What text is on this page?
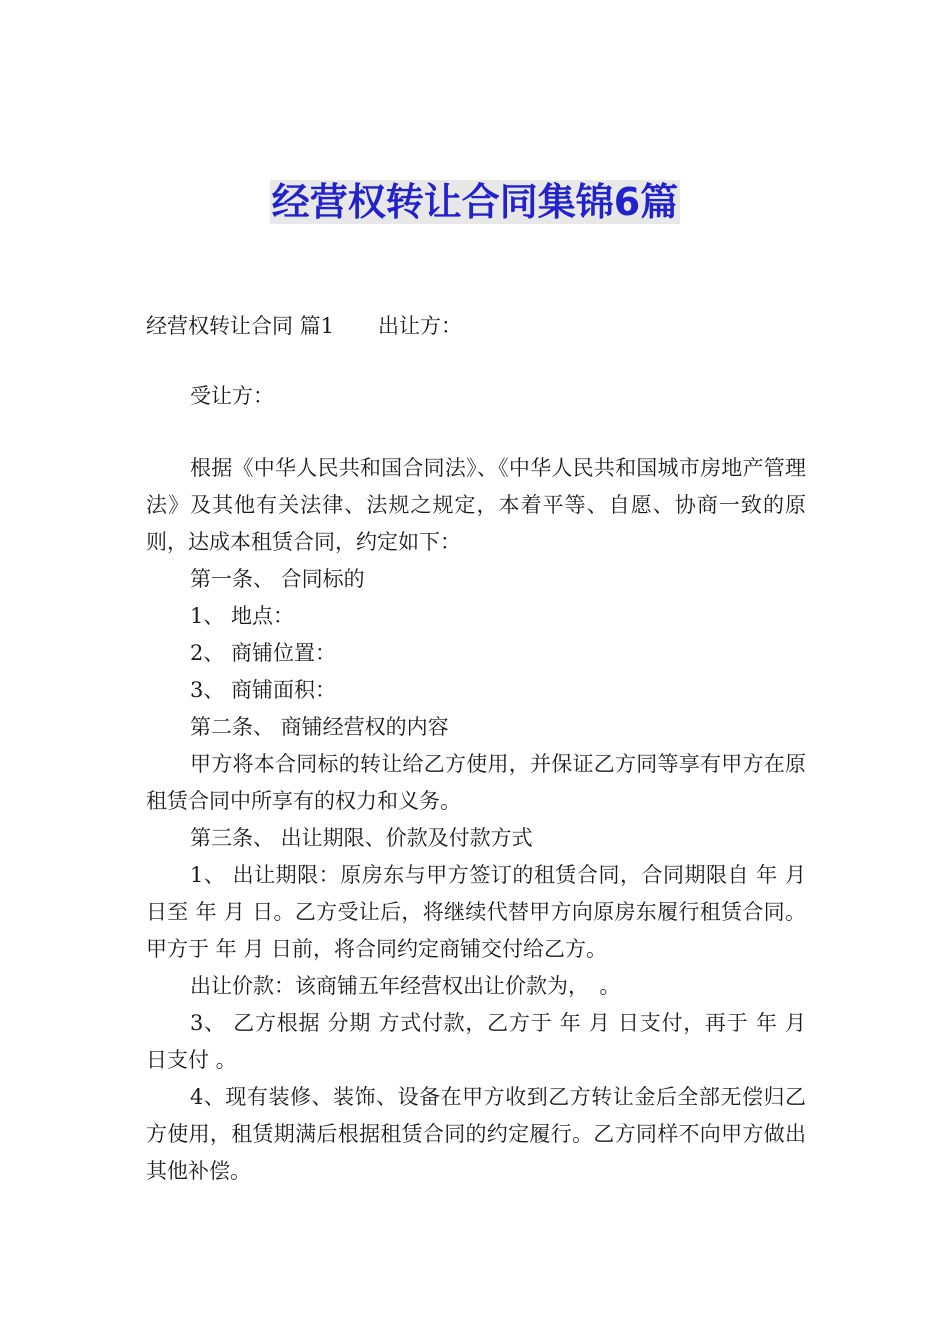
经营权转让合同集锦6篇

经营权转让合同 篇1 出让方：

受让方：

根据《中华人民共和国合同法》、《中华人民共和国城市房地产管理法》及其他有关法律、法规之规定，本着平等、自愿、协商一致的原则，达成本租赁合同，约定如下：

第一条、 合同标的

1、 地点：

2、 商铺位置：

3、 商铺面积：

第二条、 商铺经营权的内容

甲方将本合同标的转让给乙方使用，并保证乙方同等享有甲方在原租赁合同中所享有的权力和义务。

第三条、 出让期限、价款及付款方式

1、 出让期限：原房东与甲方签订的租赁合同，合同期限自 年 月 日至 年 月 日。乙方受让后，将继续代替甲方向原房东履行租赁合同。甲方于 年 月 日前，将合同约定商铺交付给乙方。

出让价款：该商铺五年经营权出让价款为，　。

3、 乙方根据 分期 方式付款，乙方于 年 月 日支付，再于 年 月 日支付 。

4、现有装修、装饰、设备在甲方收到乙方转让金后全部无偿归乙方使用，租赁期满后根据租赁合同的约定履行。乙方同样不向甲方做出其他补偿。
